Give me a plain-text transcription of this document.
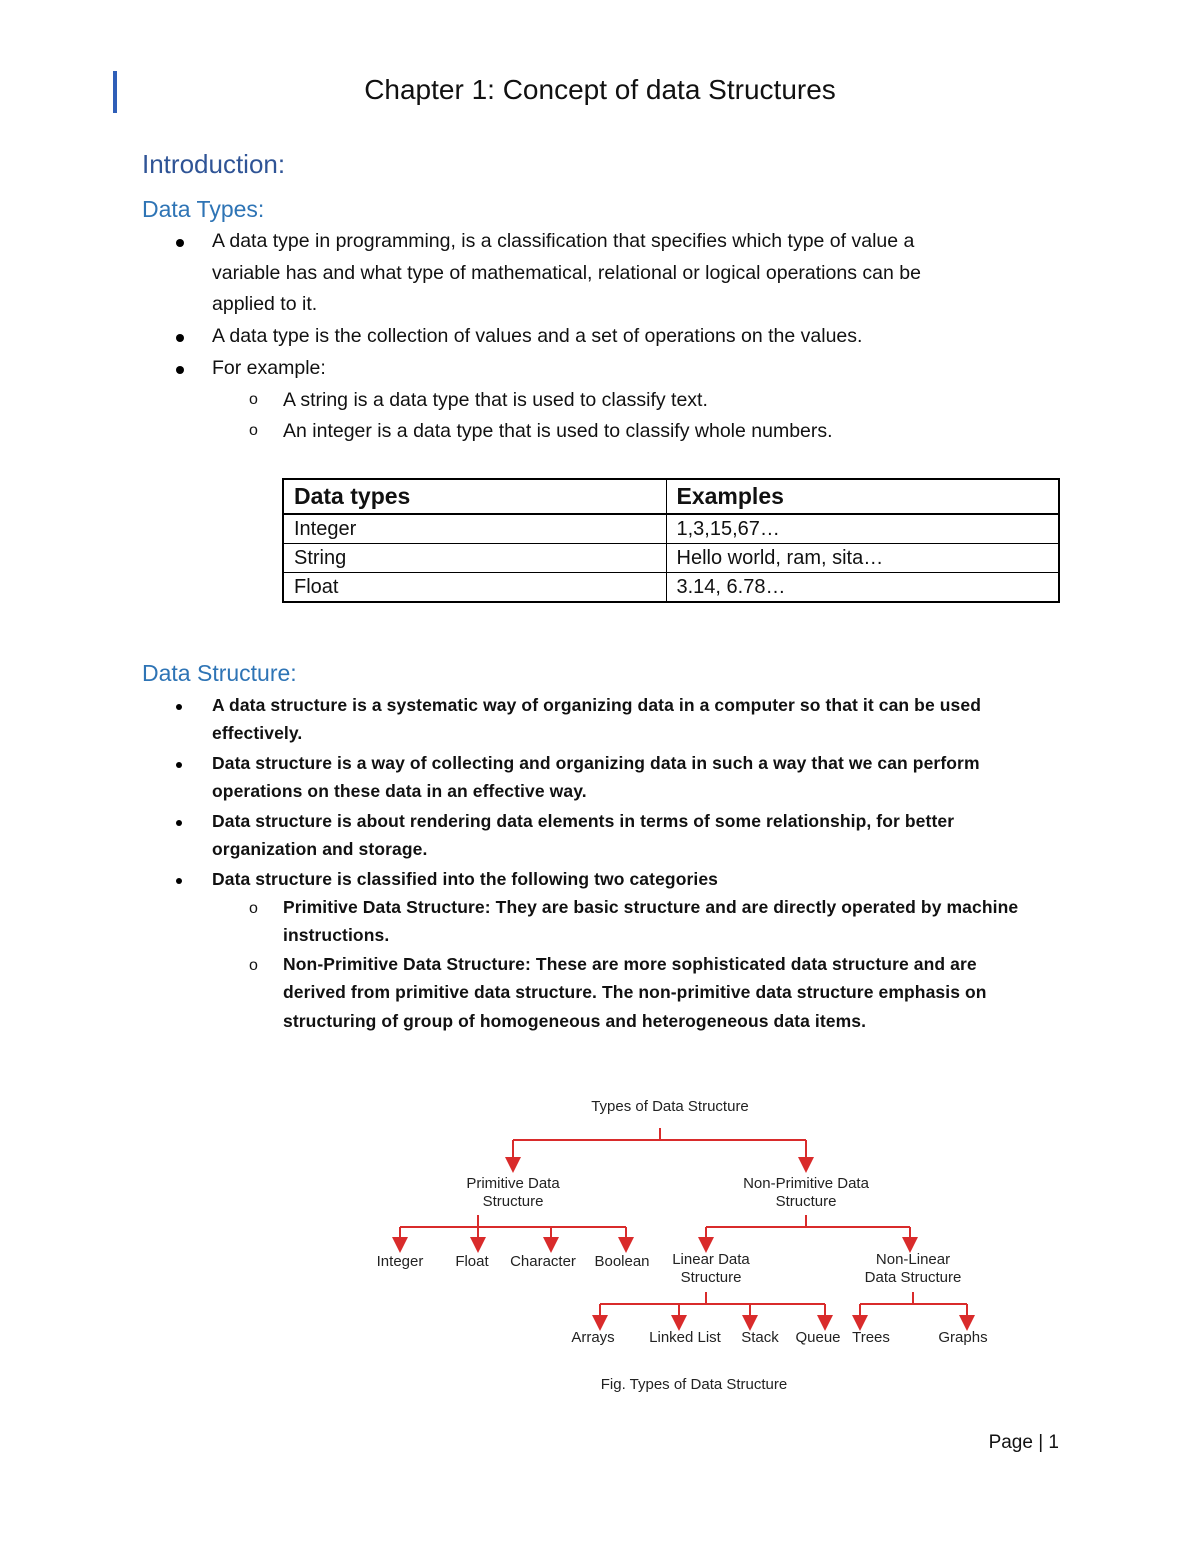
Chapter 1: Concept of data Structures
Introduction:
Data Types:
A data type in programming, is a classification that specifies which type of value a
variable has and what type of mathematical, relational or logical operations can be
applied to it.
A data type is the collection of values and a set of operations on the values.
For example:
o A string is a data type that is used to classify text.
o An integer is a data type that is used to classify whole numbers.
Data types	Examples
Integer	1,3,15,67…
String	Hello world, ram, sita…
Float	3.14, 6.78…
Data Structure:
A data structure is a systematic way of organizing data in a computer so that it can be used
effectively.
Data structure is a way of collecting and organizing data in such a way that we can perform
operations on these data in an effective way.
Data structure is about rendering data elements in terms of some relationship, for better
organization and storage.
Data structure is classified into the following two categories
o Primitive Data Structure: They are basic structure and are directly operated by machine
instructions.
o Non-Primitive Data Structure: These are more sophisticated data structure and are
derived from primitive data structure. The non-primitive data structure emphasis on
structuring of group of homogeneous and heterogeneous data items.
Types of Data Structure
Primitive Data
Structure
Non-Primitive Data
Structure
Integer Float Character Boolean Linear Data
Structure
Non-Linear
Data Structure
Arrays Linked List Stack Queue Trees	Graphs
Fig. Types of Data Structure
Page | 1
